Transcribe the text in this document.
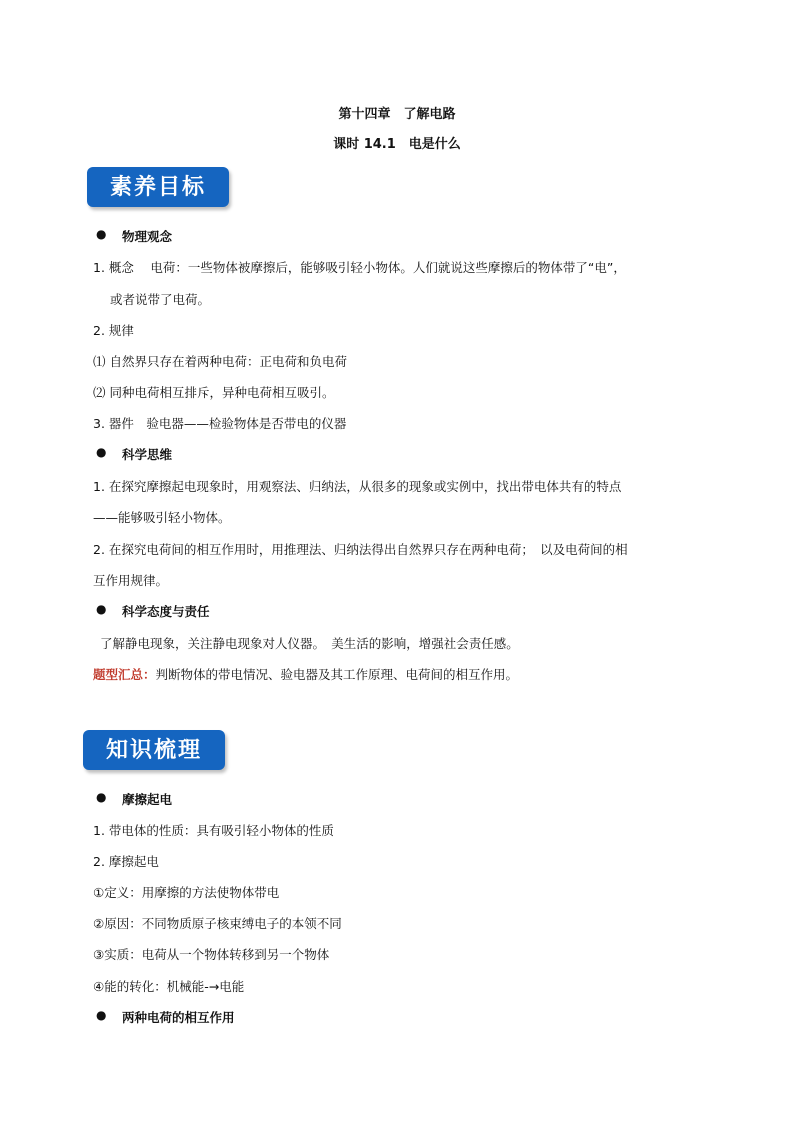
第十四章　了解电路
课时 14.1　电是什么
素养目标
● 物理观念
1. 概念　 电荷：一些物体被摩擦后，能够吸引轻小物体。人们就说这些摩擦后的物体带了“电”，
或者说带了电荷。
2. 规律
⑴ 自然界只存在着两种电荷：正电荷和负电荷
⑵ 同种电荷相互排斥，异种电荷相互吸引。
3. 器件　验电器——检验物体是否带电的仪器
● 科学思维
1. 在探究摩擦起电现象时，用观察法、归纳法，从很多的现象或实例中，找出带电体共有的特点
——能够吸引轻小物体。
2. 在探究电荷间的相互作用时，用推理法、归纳法得出自然界只存在两种电荷；　以及电荷间的相
互作用规律。
● 科学态度与责任
了解静电现象，关注静电现象对人仪器。　美生活的影响，增强社会责任感。
题型汇总：判断物体的带电情况、验电器及其工作原理、电荷间的相互作用。
知识梳理
● 摩擦起电
1. 带电体的性质：具有吸引轻小物体的性质
2. 摩擦起电
①定义：用摩擦的方法使物体带电
②原因：不同物质原子核束缚电子的本领不同
③实质：电荷从一个物体转移到另一个物体
④能的转化：机械能-→电能
● 两种电荷的相互作用
